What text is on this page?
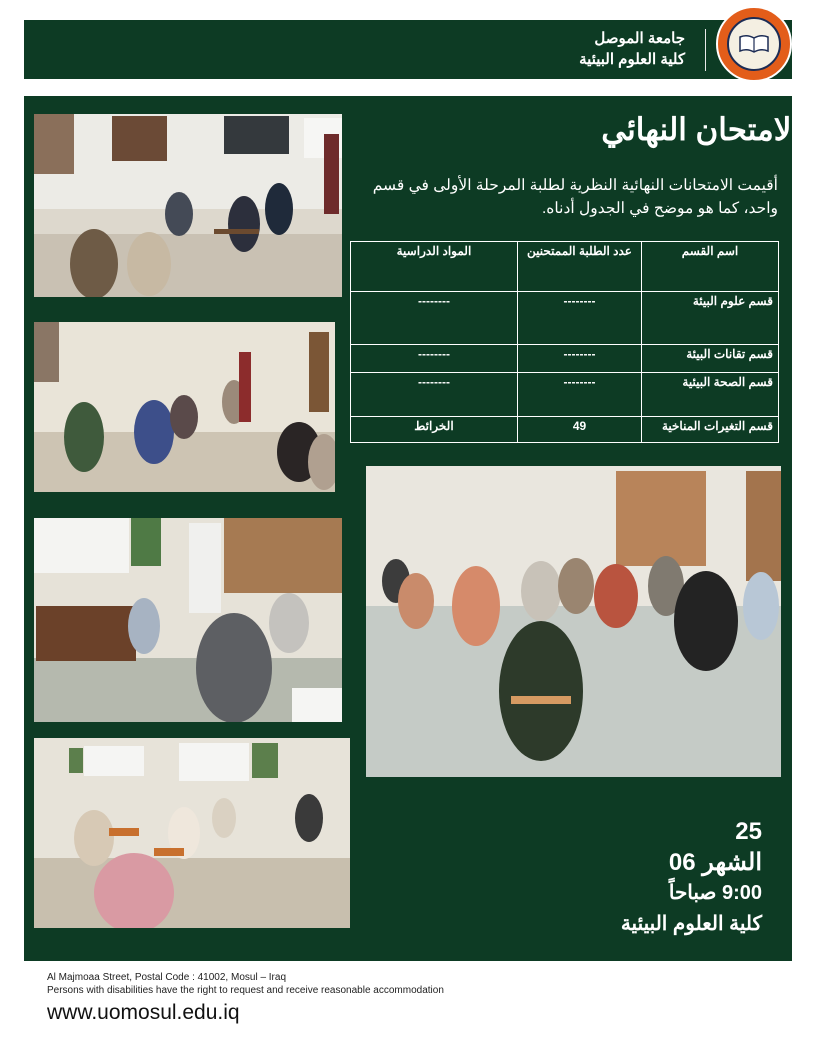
جامعة الموصل
كلية العلوم البيئية
الامتحان النهائي

أقيمت الامتحانات النهائية النظرية لطلبة المرحلة الأولى في قسم واحد، كما هو موضح في الجدول أدناه.

اسم القسم	عدد الطلبة الممتحنين	المواد الدراسية
قسم علوم البيئة	--------	--------
قسم تقانات البيئة	--------	--------
قسم الصحة البيئية	--------	--------
قسم التغيرات المناخية	49	الخرائط
25
الشهر 06
9:00 صباحاً
كلية العلوم البيئية
Al Majmoaa Street, Postal Code : 41002, Mosul – Iraq
Persons with disabilities have the right to request and receive reasonable accommodation
www.uomosul.edu.iq
